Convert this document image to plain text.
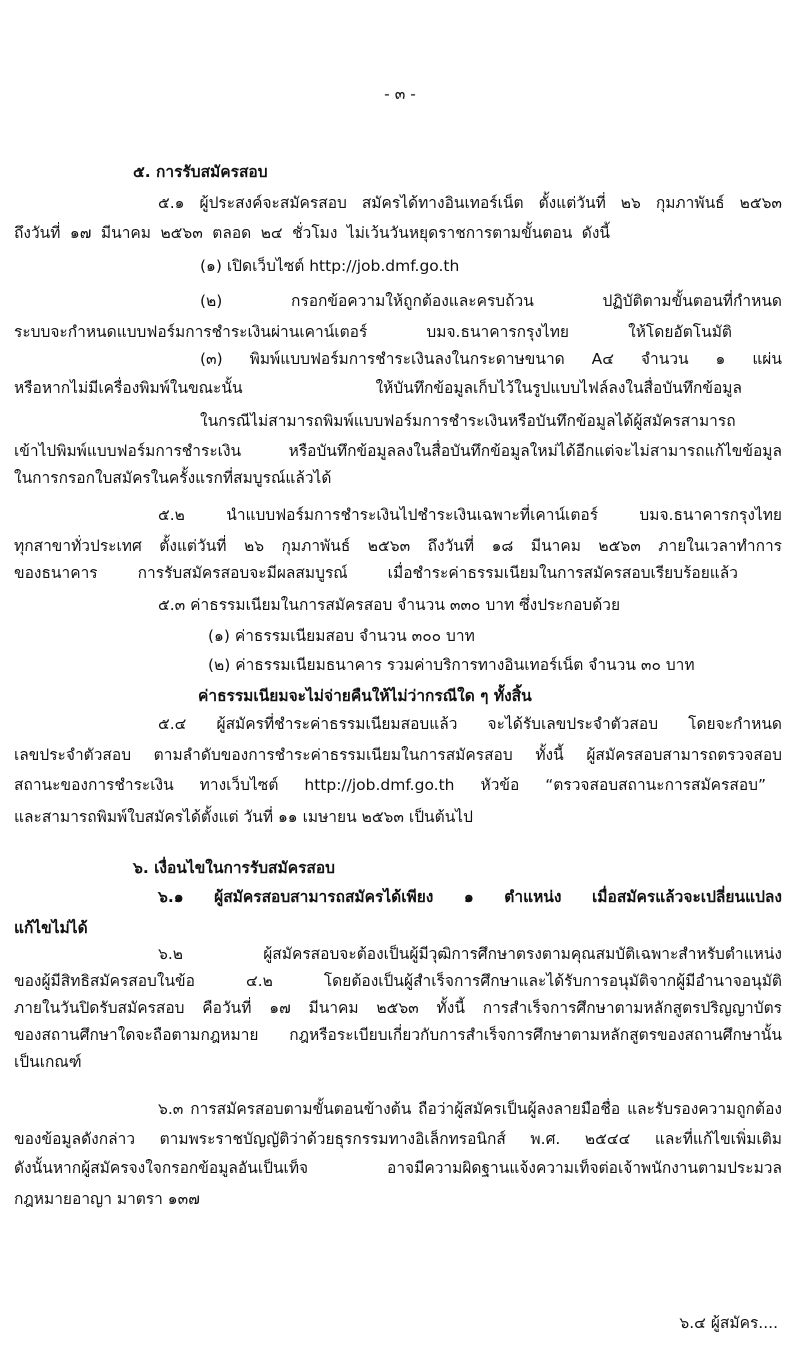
- ๓ -
๕. การรับสมัครสอบ
๕.๑ ผู้ประสงค์จะสมัครสอบ สมัครได้ทางอินเทอร์เน็ต ตั้งแต่วันที่ ๒๖ กุมภาพันธ์ ๒๕๖๓
ถึงวันที่ ๑๗ มีนาคม ๒๕๖๓ ตลอด ๒๔ ชั่วโมง ไม่เว้นวันหยุดราชการตามขั้นตอน ดังนี้
(๑) เปิดเว็บไซต์ http://job.dmf.go.th
(๒) กรอกข้อความให้ถูกต้องและครบถ้วน ปฏิบัติตามขั้นตอนที่กำหนด
ระบบจะกำหนดแบบฟอร์มการชำระเงินผ่านเคาน์เตอร์ บมจ.ธนาคารกรุงไทย ให้โดยอัตโนมัติ
(๓) พิมพ์แบบฟอร์มการชำระเงินลงในกระดาษขนาด A๔ จำนวน ๑ แผ่น
หรือหากไม่มีเครื่องพิมพ์ในขณะนั้น ให้บันทึกข้อมูลเก็บไว้ในรูปแบบไฟล์ลงในสื่อบันทึกข้อมูล
ในกรณีไม่สามารถพิมพ์แบบฟอร์มการชำระเงินหรือบันทึกข้อมูลได้ผู้สมัครสามารถ
เข้าไปพิมพ์แบบฟอร์มการชำระเงิน หรือบันทึกข้อมูลลงในสื่อบันทึกข้อมูลใหม่ได้อีกแต่จะไม่สามารถแก้ไขข้อมูล
ในการกรอกใบสมัครในครั้งแรกที่สมบูรณ์แล้วได้
๕.๒ นำแบบฟอร์มการชำระเงินไปชำระเงินเฉพาะที่เคาน์เตอร์ บมจ.ธนาคารกรุงไทย
ทุกสาขาทั่วประเทศ ตั้งแต่วันที่ ๒๖ กุมภาพันธ์ ๒๕๖๓ ถึงวันที่ ๑๘ มีนาคม ๒๕๖๓ ภายในเวลาทำการ
ของธนาคาร การรับสมัครสอบจะมีผลสมบูรณ์ เมื่อชำระค่าธรรมเนียมในการสมัครสอบเรียบร้อยแล้ว
๕.๓ ค่าธรรมเนียมในการสมัครสอบ จำนวน ๓๓๐ บาท ซึ่งประกอบด้วย
(๑) ค่าธรรมเนียมสอบ จำนวน ๓๐๐ บาท
(๒) ค่าธรรมเนียมธนาคาร รวมค่าบริการทางอินเทอร์เน็ต จำนวน ๓๐ บาท
ค่าธรรมเนียมจะไม่จ่ายคืนให้ไม่ว่ากรณีใด ๆ ทั้งสิ้น
๕.๔ ผู้สมัครที่ชำระค่าธรรมเนียมสอบแล้ว จะได้รับเลขประจำตัวสอบ โดยจะกำหนด
เลขประจำตัวสอบ ตามลำดับของการชำระค่าธรรมเนียมในการสมัครสอบ ทั้งนี้ ผู้สมัครสอบสามารถตรวจสอบ
สถานะของการชำระเงิน ทางเว็บไซต์ http://job.dmf.go.th หัวข้อ “ตรวจสอบสถานะการสมัครสอบ”
และสามารถพิมพ์ใบสมัครได้ตั้งแต่ วันที่ ๑๑ เมษายน ๒๕๖๓ เป็นต้นไป
๖. เงื่อนไขในการรับสมัครสอบ
๖.๑ ผู้สมัครสอบสามารถสมัครได้เพียง ๑ ตำแหน่ง เมื่อสมัครแล้วจะเปลี่ยนแปลง
แก้ไขไม่ได้
๖.๒ ผู้สมัครสอบจะต้องเป็นผู้มีวุฒิการศึกษาตรงตามคุณสมบัติเฉพาะสำหรับตำแหน่ง
ของผู้มีสิทธิสมัครสอบในข้อ ๔.๒ โดยต้องเป็นผู้สำเร็จการศึกษาและได้รับการอนุมัติจากผู้มีอำนาจอนุมัติ
ภายในวันปิดรับสมัครสอบ คือวันที่ ๑๗ มีนาคม ๒๕๖๓ ทั้งนี้ การสำเร็จการศึกษาตามหลักสูตรปริญญาบัตร
ของสถานศึกษาใดจะถือตามกฎหมาย กฎหรือระเบียบเกี่ยวกับการสำเร็จการศึกษาตามหลักสูตรของสถานศึกษานั้น
เป็นเกณฑ์
๖.๓ การสมัครสอบตามขั้นตอนข้างต้น ถือว่าผู้สมัครเป็นผู้ลงลายมือชื่อ และรับรองความถูกต้อง
ของข้อมูลดังกล่าว ตามพระราชบัญญัติว่าด้วยธุรกรรมทางอิเล็กทรอนิกส์ พ.ศ. ๒๕๔๔ และที่แก้ไขเพิ่มเติม
ดังนั้นหากผู้สมัครจงใจกรอกข้อมูลอันเป็นเท็จ อาจมีความผิดฐานแจ้งความเท็จต่อเจ้าพนักงานตามประมวล
กฎหมายอาญา มาตรา ๑๓๗
๖.๔ ผู้สมัคร....
